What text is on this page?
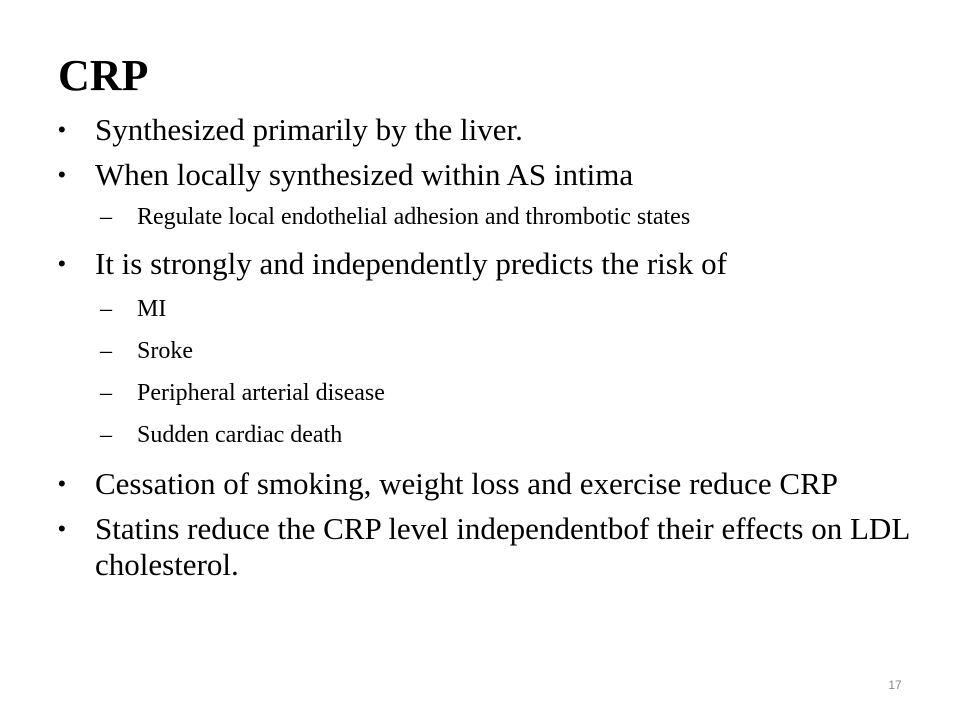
CRP
• Synthesized primarily by the liver.
• When locally synthesized within AS intima
– Regulate local endothelial adhesion and thrombotic states
• It is strongly and independently predicts the risk of
– MI
– Sroke
– Peripheral arterial disease
– Sudden cardiac death
• Cessation of smoking, weight loss and exercise reduce CRP
• Statins reduce the CRP level independentbof their effects on LDL cholesterol.
17
